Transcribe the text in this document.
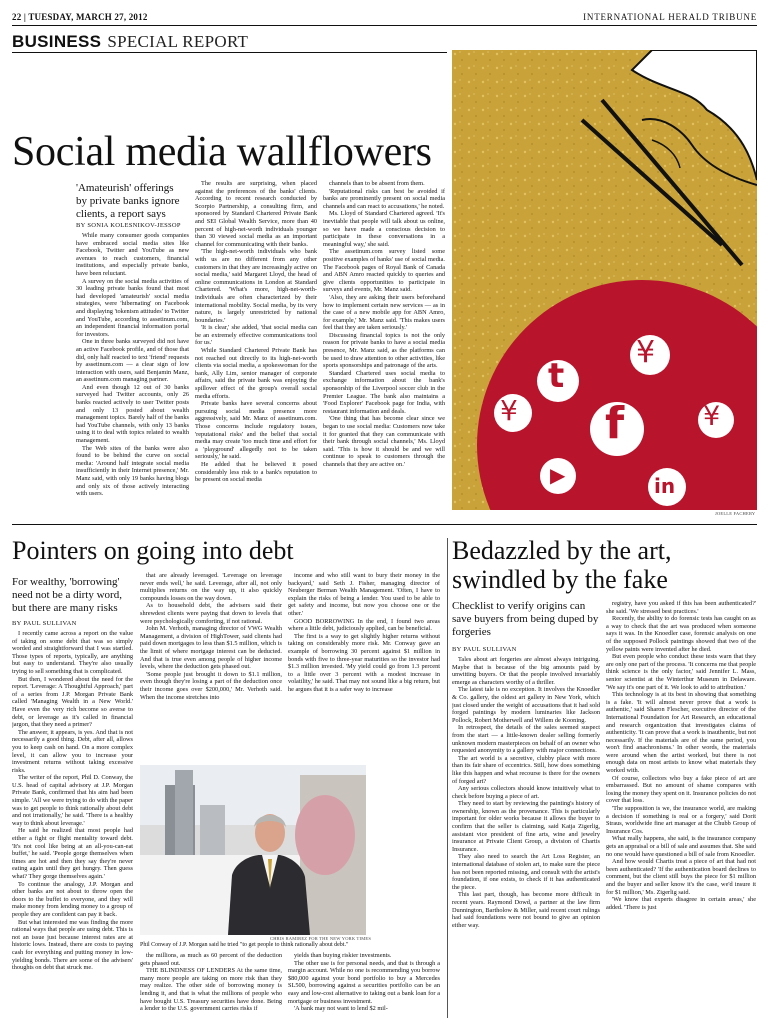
22 | TUESDAY, MARCH 27, 2012	INTERNATIONAL HERALD TRIBUNE
BUSINESS SPECIAL REPORT
Social media wallflowers
'Amateurish' offerings by private banks ignore clients, a report says
BY SONIA KOLESNIKOV-JESSOP

While many consumer goods companies have embraced social media sites like Facebook, Twitter and YouTube as new avenues to reach customers, financial institutions, and especially private banks, have been reluctant.

A survey on the social media activities of 30 leading private banks found that most had developed 'amateurish' social media strategies, were 'hibernating' on Facebook and displaying 'tokenism attitudes' to Twitter and YouTube, according to assetinum.com, an independent financial information portal for investors.

One in three banks surveyed did not have an active Facebook profile, and of those that did, only half reacted to text 'friend' requests by assetinum.com — a clear sign of low interaction with users, said Benjamin Manz, an assetinum.com managing partner.

And even though 12 out of 30 banks surveyed had Twitter accounts, only 26 banks reacted actively to user Twitter posts and only 13 posted about wealth management topics. Barely half of the banks had YouTube channels, with only 13 banks using it to deal with topics related to wealth management.

The Web sites of the banks were also found to be behind the curve on social media: 'Around half integrate social media insufficiently in their Internet presence,' Mr. Manz said, with only 19 banks having blogs and only six of those actively interacting with users.

The results are surprising, when placed against the preferences of the banks' clients. According to recent research conducted by Scorpio Partnership, a consulting firm, and sponsored by Standard Chartered Private Bank and SEI Global Wealth Service, more than 40 percent of high-net-worth individuals younger than 30 viewed social media as an important channel for communicating with their banks.

'The high-net-worth individuals who bank with us are no different from any other customers in that they are increasingly active on social media,' said Margaret Lloyd, the head of online communications in London at Standard Chartered. 'What's more, high-net-worth-individuals are often characterized by their international mobility. Social media, by its very nature, is largely unrestricted by national boundaries.'

'It is clear,' she added, 'that social media can be an extremely effective communications tool for us.'

While Standard Chartered Private Bank has not reached out directly to its high-net-worth clients via social media, a spokeswoman for the bank, Ally Lim, senior manager of corporate affairs, said the private bank was enjoying the spillover effect of the group's overall social media efforts.

Private banks have several concerns about pursuing social media presence more aggressively, said Mr. Manz of assetinum.com. Those concerns include regulatory issues, 'reputational risks' and the belief that social media may create 'too much time and effort for a 'playground' allegedly not to be taken seriously,' he said.

He added that he believed it posed considerably less risk to a bank's reputation to be present on social media

channels than to be absent from them.

'Reputational risks can best be avoided if banks are prominently present on social media channels and can react to accusations,' he noted.

Ms. Lloyd of Standard Chartered agreed. 'It's inevitable that people will talk about us online, so we have made a conscious decision to participate in these conversations in a meaningful way,' she said.

The assetinum.com survey listed some positive examples of banks' use of social media. The Facebook pages of Royal Bank of Canada and ABN Amro reacted quickly to queries and give clients opportunities to participate in surveys and events, Mr. Manz said.

'Also, they are asking their users beforehand how to implement certain new services — as in the case of a new mobile app for ABN Amro, for example,' Mr. Manz said. 'This makes users feel that they are taken seriously.'

Discussing financial topics is not the only reason for private banks to have a social media presence, Mr. Manz said, as the platforms can be used to draw attention to other activities, like sports sponsorships and patronage of the arts.

Standard Chartered uses social media to exchange information about the bank's sponsorship of the Liverpool soccer club in the Premier League. The bank also maintains a 'Food Explorer' Facebook page for India, with restaurant information and deals.

'One thing that has become clear since we began to use social media: Customers now take it for granted that they can communicate with their bank through social channels,' Ms. Lloyd said. 'This is how it should be and we will continue to speak to customers through the channels that they are active on.'

¥
t
¥ f	¥
▶	in
JOELLE FACHERY
Pointers on going into debt
For wealthy, 'borrowing' need not be a dirty word, but there are many risks
BY PAUL SULLIVAN

I recently came across a report on the value of taking on some debt that was so simply worded and straightforward that I was startled. Those types of reports, typically, are anything but easy to understand. They're also usually trying to sell something that is complicated.

But then, I wondered about the need for the report. 'Leverage: A Thoughtful Approach,' part of a series from J.P. Morgan Private Bank called 'Managing Wealth in a New World.' Have even the very rich become so averse to debt, or leverage as it's called in financial jargon, that they need a primer?

The answer, it appears, is yes. And that is not necessarily a good thing. Debt, after all, allows you to keep cash on hand. On a more complex level, it can allow you to increase your investment returns without taking excessive risks.

The writer of the report, Phil D. Conway, the U.S. head of capital advisory at J.P. Morgan Private Bank, confirmed that his aim had been simple. 'All we were trying to do with the paper was to get people to think rationally about debt and not irrationally,' he said. 'There is a healthy way to think about leverage.'

He said he realized that most people had either a fight or flight mentality toward debt. 'It's not cool like being at an all-you-can-eat buffet,' he said. 'People gorge themselves when times are hot and then they say they're never eating again until they get hungry. Then guess what? They gorge themselves again.'

To continue the analogy, J.P. Morgan and other banks are not about to throw open the doors to the buffet to everyone, and they will make money from lending money to a group of people they are confident can pay it back.

But what interested me was finding the more rational ways that people are using debt. This is not an issue just because interest rates are at historic lows. Instead, there are costs to paying cash for everything and putting money in low-yielding bonds. There are some of the advisers' thoughts on debt that struck me.

that are already leveraged. 'Leverage on leverage never ends well,' he said. Leverage, after all, not only multiplies returns on the way up, it also quickly compounds losses on the way down.

As to household debt, the advisers said their shrewdest clients were paying that down to levels that were psychologically comforting, if not rational.

John M. Verhoth, managing director of VWG Wealth Management, a division of HighTower, said clients had paid down mortgages to less than $1.5 million, which is the limit of where mortgage interest can be deducted. And that is true even among people of higher income levels, where the deduction gets phased out.

'Some people just brought it down to $1.1 million, even though they're losing a part of the deduction once their income goes over $200,000,' Mr. Verhoth said. When the income stretches into

income and who still want to bury their money in the backyard,' said Seth J. Fisher, managing director of Neuberger Berman Wealth Management. 'Often, I have to explain the risks of being a lender. You used to be able to get safety and income, but now you choose one or the other.'

GOOD BORROWING In the end, I found two areas where a little debt, judiciously applied, can be beneficial.

The first is a way to get slightly higher returns without taking on considerably more risk. Mr. Conway gave an example of borrowing 30 percent against $1 million in bonds with five to three-year maturities so the investor had $1.3 million invested. 'My yield could go from 1.3 percent to a little over 3 percent with a modest increase in volatility,' he said. That may not sound like a big return, but he argues that it is a safer way to increase

CHRIS RAMIREZ FOR THE NEW YORK TIMES
Phil Conway of J.P. Morgan said he tried "to get people to think rationally about debt."

the millions, as much as 60 percent of the deduction gets phased out.

THE BLINDNESS OF LENDERS At the same time, many more people are taking on more risk than they may realize. The other side of borrowing money is lending it, and that is what the millions of people who have bought U.S. Treasury securities have done. Being a lender to the U.S. government carries risks if

yields than buying riskier investments.

The other use is for personal needs, and that is through a margin account. While no one is recommending you borrow $80,000 against your bond portfolio to buy a Mercedes SL500, borrowing against a securities portfolio can be an easy and low-cost alternative to taking out a bank loan for a mortgage or business investment.

'A bank may not want to lend $2 mil-

Bedazzled by the art, swindled by the fake
Checklist to verify origins can save buyers from being duped by forgeries
BY PAUL SULLIVAN

Tales about art forgeries are almost always intriguing. Maybe that is because of the big amounts paid by unwitting buyers. Or that the people involved invariably emerge as characters worthy of a thriller.

The latest tale is no exception. It involves the Knoedler & Co. gallery, the oldest art gallery in New York, which just closed under the weight of accusations that it had sold forged paintings by modern luminaries like Jackson Pollock, Robert Motherwell and Willem de Kooning.

In retrospect, the details of the sales seemed suspect from the start — a little-known dealer selling formerly unknown modern masterpieces on behalf of an owner who requested anonymity to a gallery with major connections.

The art world is a secretive, clubby place with more than its fair share of eccentrics. Still, how does something like this happen and what recourse is there for the owners of forged art?

Any serious collectors should know intuitively what to check before buying a piece of art.

They need to start by reviewing the painting's history of ownership, known as the provenance. This is particularly important for older works because it allows the buyer to confirm that the seller is claiming, said Katja Zigerlig, assistant vice president of fine arts, wine and jewelry insurance at Private Client Group, a division of Chartis Insurance.

They also need to search the Art Loss Register, an international database of stolen art, to make sure the piece has not been reported missing, and consult with the artist's foundation, if one exists, to check if it has authenticated the piece.

This last part, though, has become more difficult in recent years. Raymond Dowd, a partner at the law firm Dunnington, Bartholow & Miller, said recent court rulings had said foundations were not bound to give an opinion either way.

registry, have you asked if this has been authenticated?' she said. 'We stressed best practices.'

Recently, the ability to do forensic tests has caught on as a way to check that the art was produced when someone says it was. In the Knoedler case, forensic analysis on one of the supposed Pollock paintings showed that two of the yellow paints were invented after he died.

But even people who conduct these tests warn that they are only one part of the process. 'It concerns me that people think science is the only factor,' said Jennifer L. Mass, senior scientist at the Winterthur Museum in Delaware. 'We say it's one part of it. We look to add to attribution.'

This technology is at its best in showing that something is a fake. 'It will almost never prove that a work is authentic,' said Sharon Flescher, executive director of the International Foundation for Art Research, an educational and research organization that investigates claims of authenticity. 'It can prove that a work is inauthentic, but not necessarily. If the materials are of the same period, you won't find anachronisms.' In other words, the materials were around when the artist worked, but there is not enough data on most artists to know what materials they worked with.

Of course, collectors who buy a fake piece of art are embarrassed. But no amount of shame compares with losing the money they spent on it. Insurance policies do not cover that loss.

'The supposition is we, the insurance world, are making a decision if something is real or a forgery,' said Dorit Straus, worldwide fine art manager at the Chubb Group of Insurance Cos.

What really happens, she said, is the insurance company gets an appraisal or a bill of sale and assumes that. She said no one would have questioned a bill of sale from Knoedler.

And how would Chartis treat a piece of art that had not been authenticated? 'If the authentication board declines to comment, but the client still buys the piece for $1 million and the buyer and seller know it's the case, we'd insure it for $1 million,' Ms. Zigerlig said.

'We know that experts disagree in certain areas,' she added. 'There is just
